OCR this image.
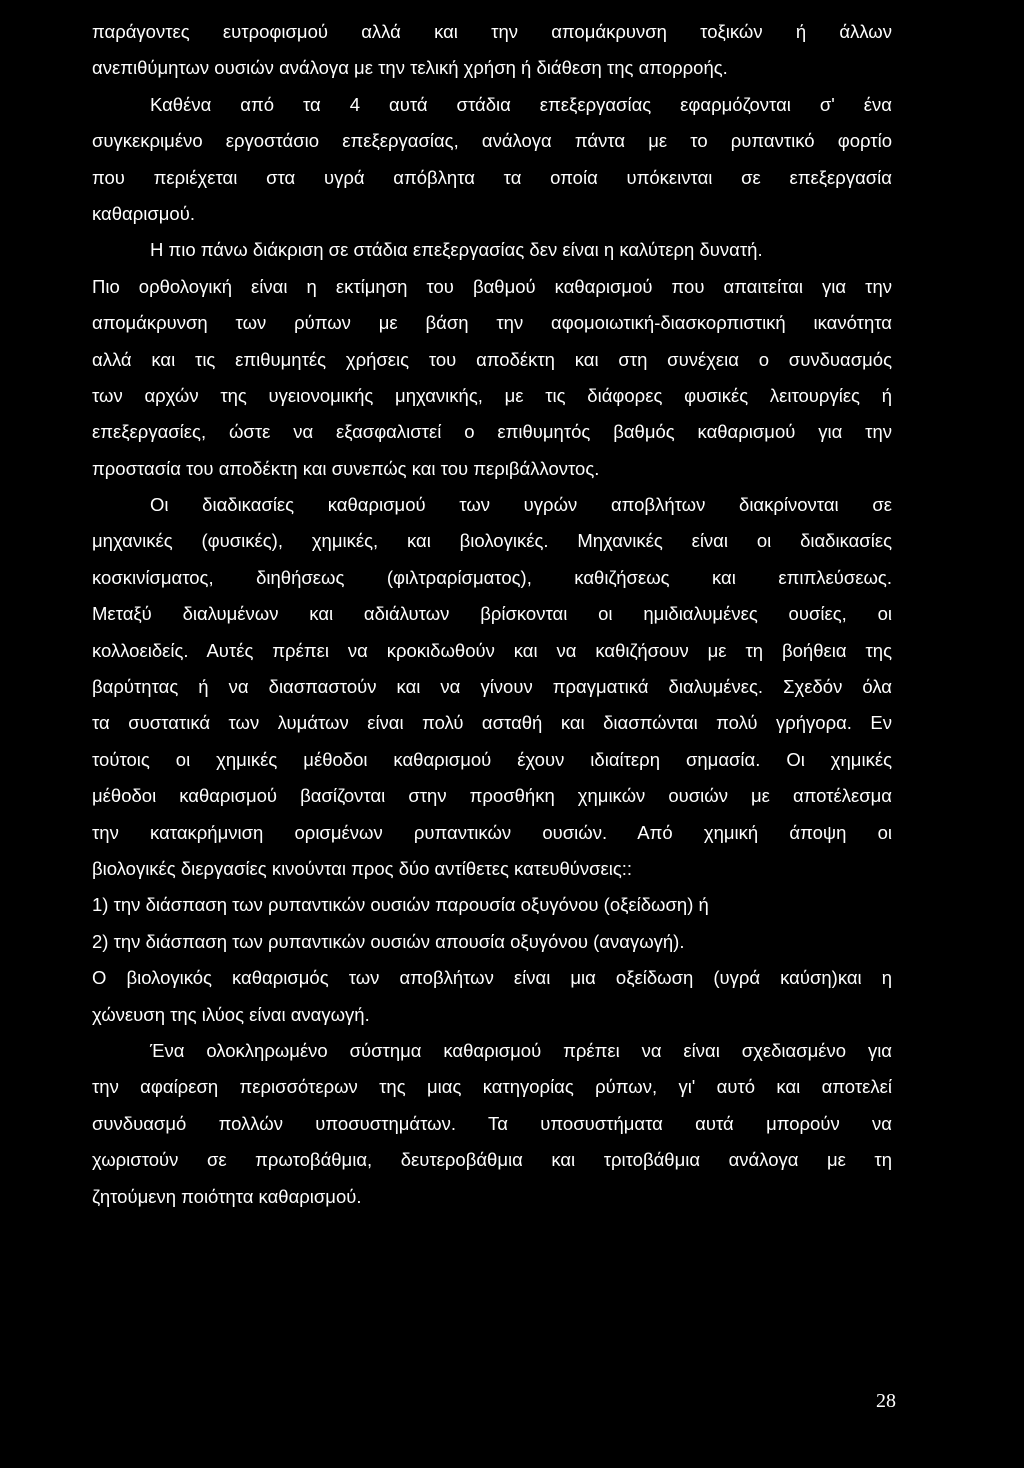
παράγοντες ευτροφισμού αλλά και την απομάκρυνση τοξικών ή άλλων
ανεπιθύμητων ουσιών ανάλογα με την τελική χρήση ή διάθεση της απορροής.
Καθένα από τα 4 αυτά στάδια επεξεργασίας εφαρμόζονται σ' ένα
συγκεκριμένο εργοστάσιο επεξεργασίας, ανάλογα πάντα με το ρυπαντικό φορτίο
που περιέχεται στα υγρά απόβλητα τα οποία υπόκεινται σε επεξεργασία
καθαρισμού.
Η πιο πάνω διάκριση σε στάδια επεξεργασίας δεν είναι η καλύτερη δυνατή.
Πιο ορθολογική είναι η εκτίμηση του βαθμού καθαρισμού που απαιτείται για την
απομάκρυνση των ρύπων με βάση την αφομοιωτική-διασκορπιστική ικανότητα
αλλά και τις επιθυμητές χρήσεις του αποδέκτη και στη συνέχεια ο συνδυασμός
των αρχών της υγειονομικής μηχανικής, με τις διάφορες φυσικές λειτουργίες ή
επεξεργασίες, ώστε να εξασφαλιστεί ο επιθυμητός βαθμός καθαρισμού για την
προστασία του αποδέκτη και συνεπώς και του περιβάλλοντος.
Οι διαδικασίες καθαρισμού των υγρών αποβλήτων διακρίνονται σε
μηχανικές (φυσικές), χημικές, και βιολογικές. Μηχανικές είναι οι διαδικασίες
κοσκινίσματος, διηθήσεως (φιλτραρίσματος), καθιζήσεως και επιπλεύσεως.
Μεταξύ διαλυμένων και αδιάλυτων βρίσκονται οι ημιδιαλυμένες ουσίες, οι
κολλοειδείς. Αυτές πρέπει να κροκιδωθούν και να καθιζήσουν με τη βοήθεια της
βαρύτητας ή να διασπαστούν και να γίνουν πραγματικά διαλυμένες. Σχεδόν όλα
τα συστατικά των λυμάτων είναι πολύ ασταθή και διασπώνται πολύ γρήγορα. Εν
τούτοις οι χημικές μέθοδοι καθαρισμού έχουν ιδιαίτερη σημασία. Οι χημικές
μέθοδοι καθαρισμού βασίζονται στην προσθήκη χημικών ουσιών με αποτέλεσμα
την κατακρήμνιση ορισμένων ρυπαντικών ουσιών. Από χημική άποψη οι
βιολογικές διεργασίες κινούνται προς δύο αντίθετες κατευθύνσεις::
1) την διάσπαση των ρυπαντικών ουσιών παρουσία οξυγόνου (οξείδωση) ή
2) την διάσπαση των ρυπαντικών ουσιών απουσία οξυγόνου (αναγωγή).
Ο βιολογικός καθαρισμός των αποβλήτων είναι μια οξείδωση (υγρά καύση)και η
χώνευση της ιλύος είναι αναγωγή.
Ένα ολοκληρωμένο σύστημα καθαρισμού πρέπει να είναι σχεδιασμένο για
την αφαίρεση περισσότερων της μιας κατηγορίας ρύπων, γι' αυτό και αποτελεί
συνδυασμό πολλών υποσυστημάτων. Τα υποσυστήματα αυτά μπορούν να
χωριστούν σε πρωτοβάθμια, δευτεροβάθμια και τριτοβάθμια ανάλογα με τη
ζητούμενη ποιότητα καθαρισμού.
28
